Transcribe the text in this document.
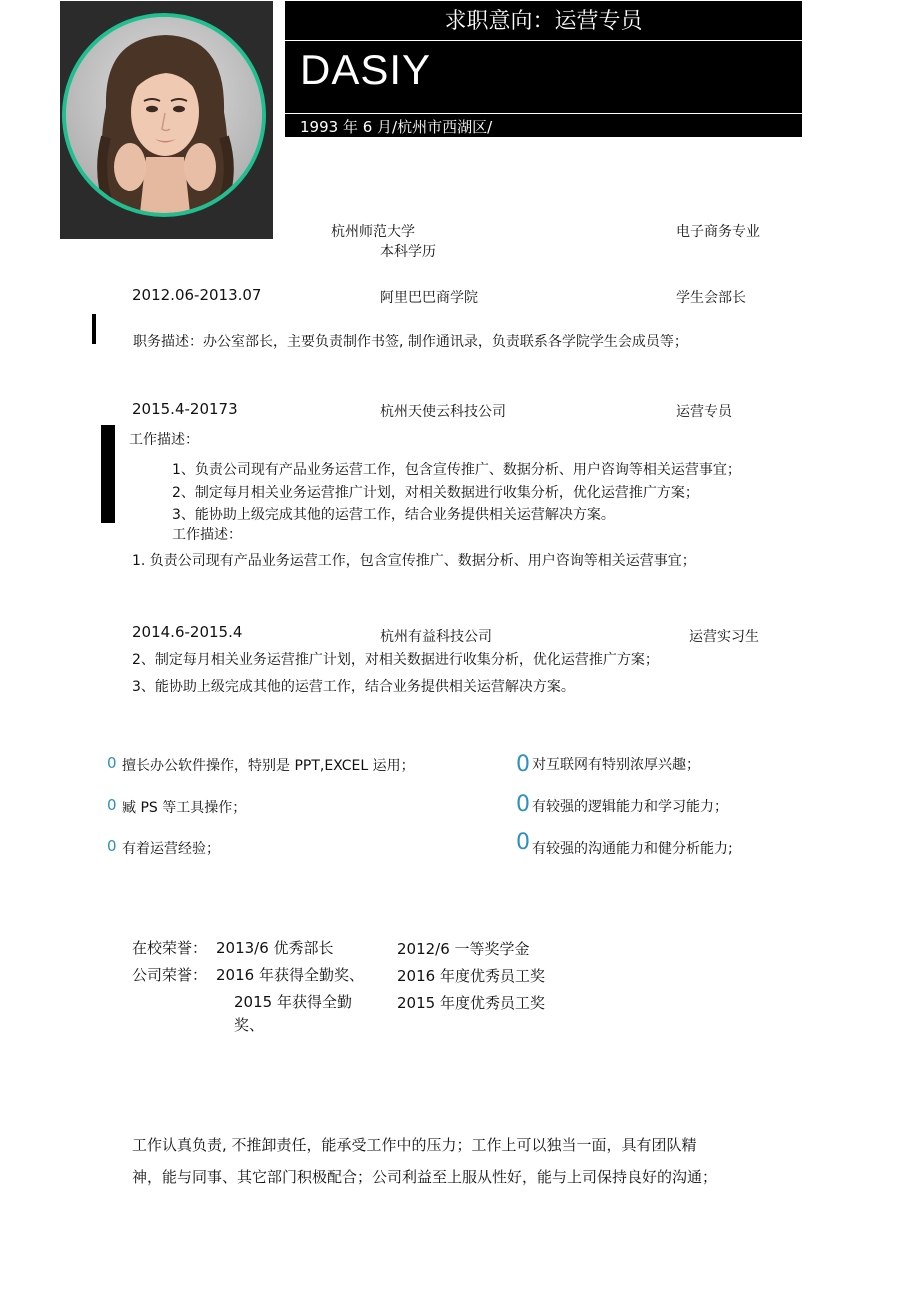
求职意向：运营专员
DASIY
1993 年 6 月/杭州市西湖区/
杭州师范大学	电子商务专业
本科学历
2012.06-2013.07	阿里巴巴商学院	学生会部长
职务描述：办公室部长，主要负责制作书签, 制作通讯录，负责联系各学院学生会成员等；
2015.4-20173	杭州天使云科技公司	运营专员
工作描述：
1、负责公司现有产品业务运营工作，包含宣传推广、数据分析、用户咨询等相关运营事宜；
2、制定每月相关业务运营推广计划，对相关数据进行收集分析，优化运营推广方案；
3、能协助上级完成其他的运营工作，结合业务提供相关运营解决方案。
工作描述：
1. 负责公司现有产品业务运营工作，包含宣传推广、数据分析、用户咨询等相关运营事宜；
2014.6-2015.4	杭州有益科技公司	运营实习生
2、制定每月相关业务运营推广计划，对相关数据进行收集分析，优化运营推广方案；
3、能协助上级完成其他的运营工作，结合业务提供相关运营解决方案。
0 擅长办公软件操作，特别是 PPT,EXCEL 运用；	0 对互联网有特别浓厚兴趣；
0 臧 PS 等工具操作；	0 有较强的逻辑能力和学习能力；
0 有着运营经验；	0 有较强的沟通能力和健分析能力;
在校荣誉： 2013/6 优秀部长	2012/6 一等奖学金
公司荣誉： 2016 年获得全勤奖、 2016 年度优秀员工奖
2015 年获得全勤
奖、
2015 年度优秀员工奖
工作认真负责, 不推卸责任，能承受工作中的压力；工作上可以独当一面，具有团队精
神，能与同事、其它部门积极配合；公司利益至上服从性好，能与上司保持良好的沟通；
